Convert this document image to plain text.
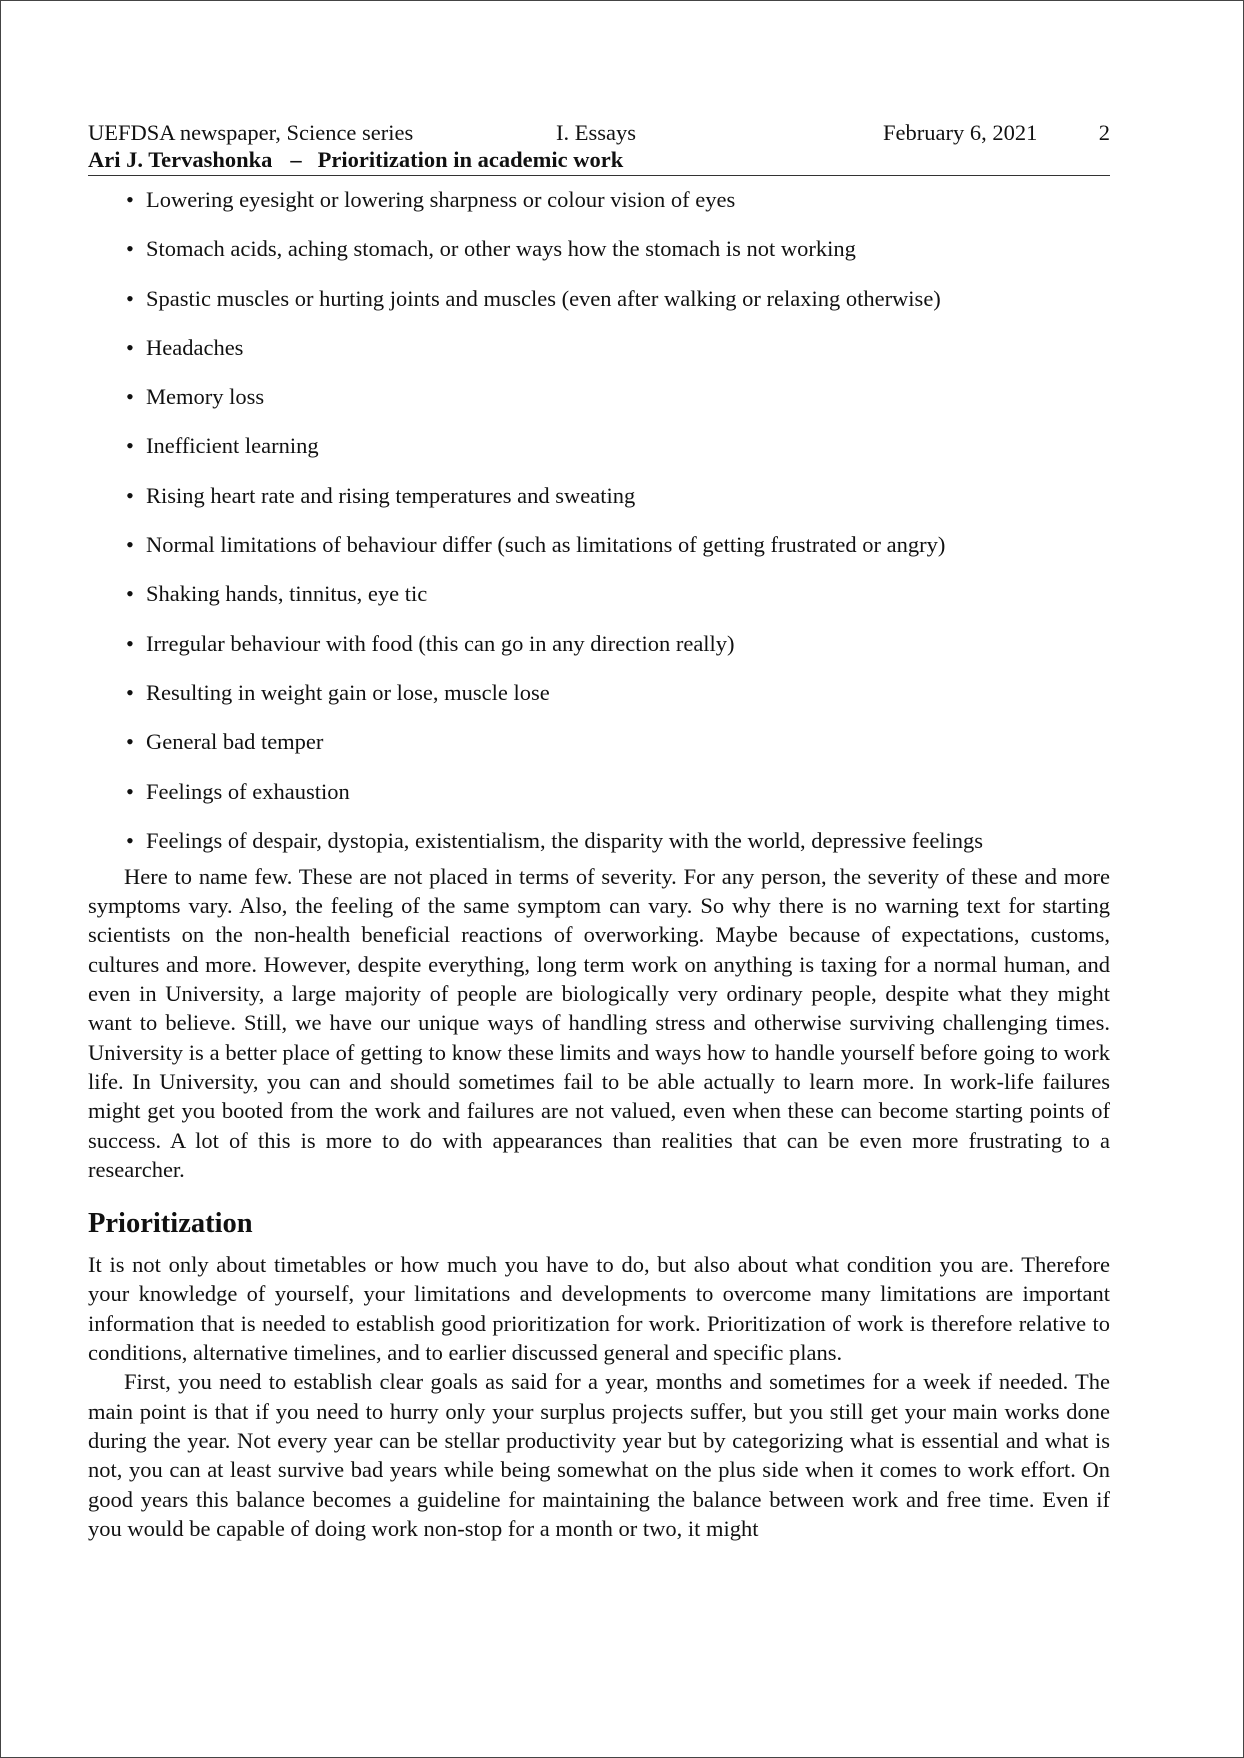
UEFDSA newspaper, Science series	I. Essays	February 6, 2021	2
Ari J. Tervashonka – Prioritization in academic work
• Lowering eyesight or lowering sharpness or colour vision of eyes
• Stomach acids, aching stomach, or other ways how the stomach is not working
• Spastic muscles or hurting joints and muscles (even after walking or relaxing otherwise)
• Headaches
• Memory loss
• Inefficient learning
• Rising heart rate and rising temperatures and sweating
• Normal limitations of behaviour differ (such as limitations of getting frustrated or angry)
• Shaking hands, tinnitus, eye tic
• Irregular behaviour with food (this can go in any direction really)
• Resulting in weight gain or lose, muscle lose
• General bad temper
• Feelings of exhaustion
• Feelings of despair, dystopia, existentialism, the disparity with the world, depressive feelings

Here to name few. These are not placed in terms of severity. For any person, the severity of these and more symptoms vary. Also, the feeling of the same symptom can vary. So why there is no warning text for starting scientists on the non-health beneficial reactions of overworking. Maybe because of expectations, customs, cultures and more. However, despite everything, long term work on anything is taxing for a normal human, and even in University, a large majority of people are biologically very ordinary people, despite what they might want to believe. Still, we have our unique ways of handling stress and otherwise surviving challenging times. University is a better place of getting to know these limits and ways how to handle yourself before going to work life. In University, you can and should sometimes fail to be able actually to learn more. In work-life failures might get you booted from the work and failures are not valued, even when these can become starting points of success. A lot of this is more to do with appearances than realities that can be even more frustrating to a researcher.

Prioritization

It is not only about timetables or how much you have to do, but also about what condition you are. Therefore your knowledge of yourself, your limitations and developments to overcome many limitations are important information that is needed to establish good prioritization for work. Prioritization of work is therefore relative to conditions, alternative timelines, and to earlier discussed general and specific plans.

First, you need to establish clear goals as said for a year, months and sometimes for a week if needed. The main point is that if you need to hurry only your surplus projects suffer, but you still get your main works done during the year. Not every year can be stellar productivity year but by categorizing what is essential and what is not, you can at least survive bad years while being somewhat on the plus side when it comes to work effort. On good years this balance becomes a guideline for maintaining the balance between work and free time. Even if you would be capable of doing work non-stop for a month or two, it might
